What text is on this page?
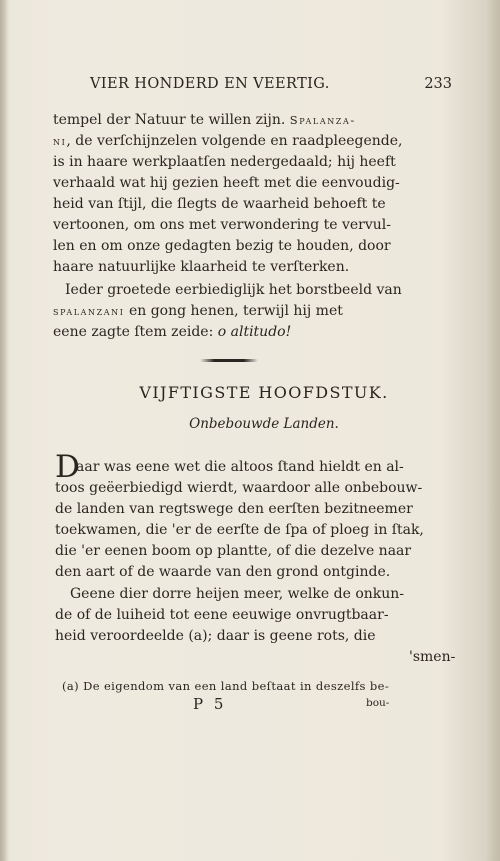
VIER HONDERD EN VEERTIG.	233
tempel der Natuur te willen zijn. Spalanza-
ni, de verſchijnzelen volgende en raadpleegende,
is in haare werkplaatſen nedergedaald; hij heeft
verhaald wat hij gezien heeft met die eenvoudig-
heid van ſtijl, die ſlegts de waarheid behoeft te
vertoonen, om ons met verwondering te vervul-
len en om onze gedagten bezig te houden, door
haare natuurlijke klaarheid te verſterken.
Ieder groetede eerbiediglijk het borstbeeld van
spalanzani en gong henen, terwijl hij met
eene zagte ſtem zeide: o altitudo!
VIJFTIGSTE HOOFDSTUK.
Onbebouwde Landen.
D
aar was eene wet die altoos ſtand hieldt en al-
toos geëerbiedigd wierdt, waardoor alle onbebouw-
de landen van regtswege den eerſten bezitneemer
toekwamen, die 'er de eerſte de ſpa of ploeg in ſtak,
die 'er eenen boom op plantte, of die dezelve naar
den aart of de waarde van den grond ontginde.
Geene dier dorre heijen meer, welke de onkun-
de of de luiheid tot eene eeuwige onvrugtbaar-
heid veroordeelde (a); daar is geene rots, die
'smen-
(a) De eigendom van een land beſtaat in deszelfs be-
P 5	bou-
